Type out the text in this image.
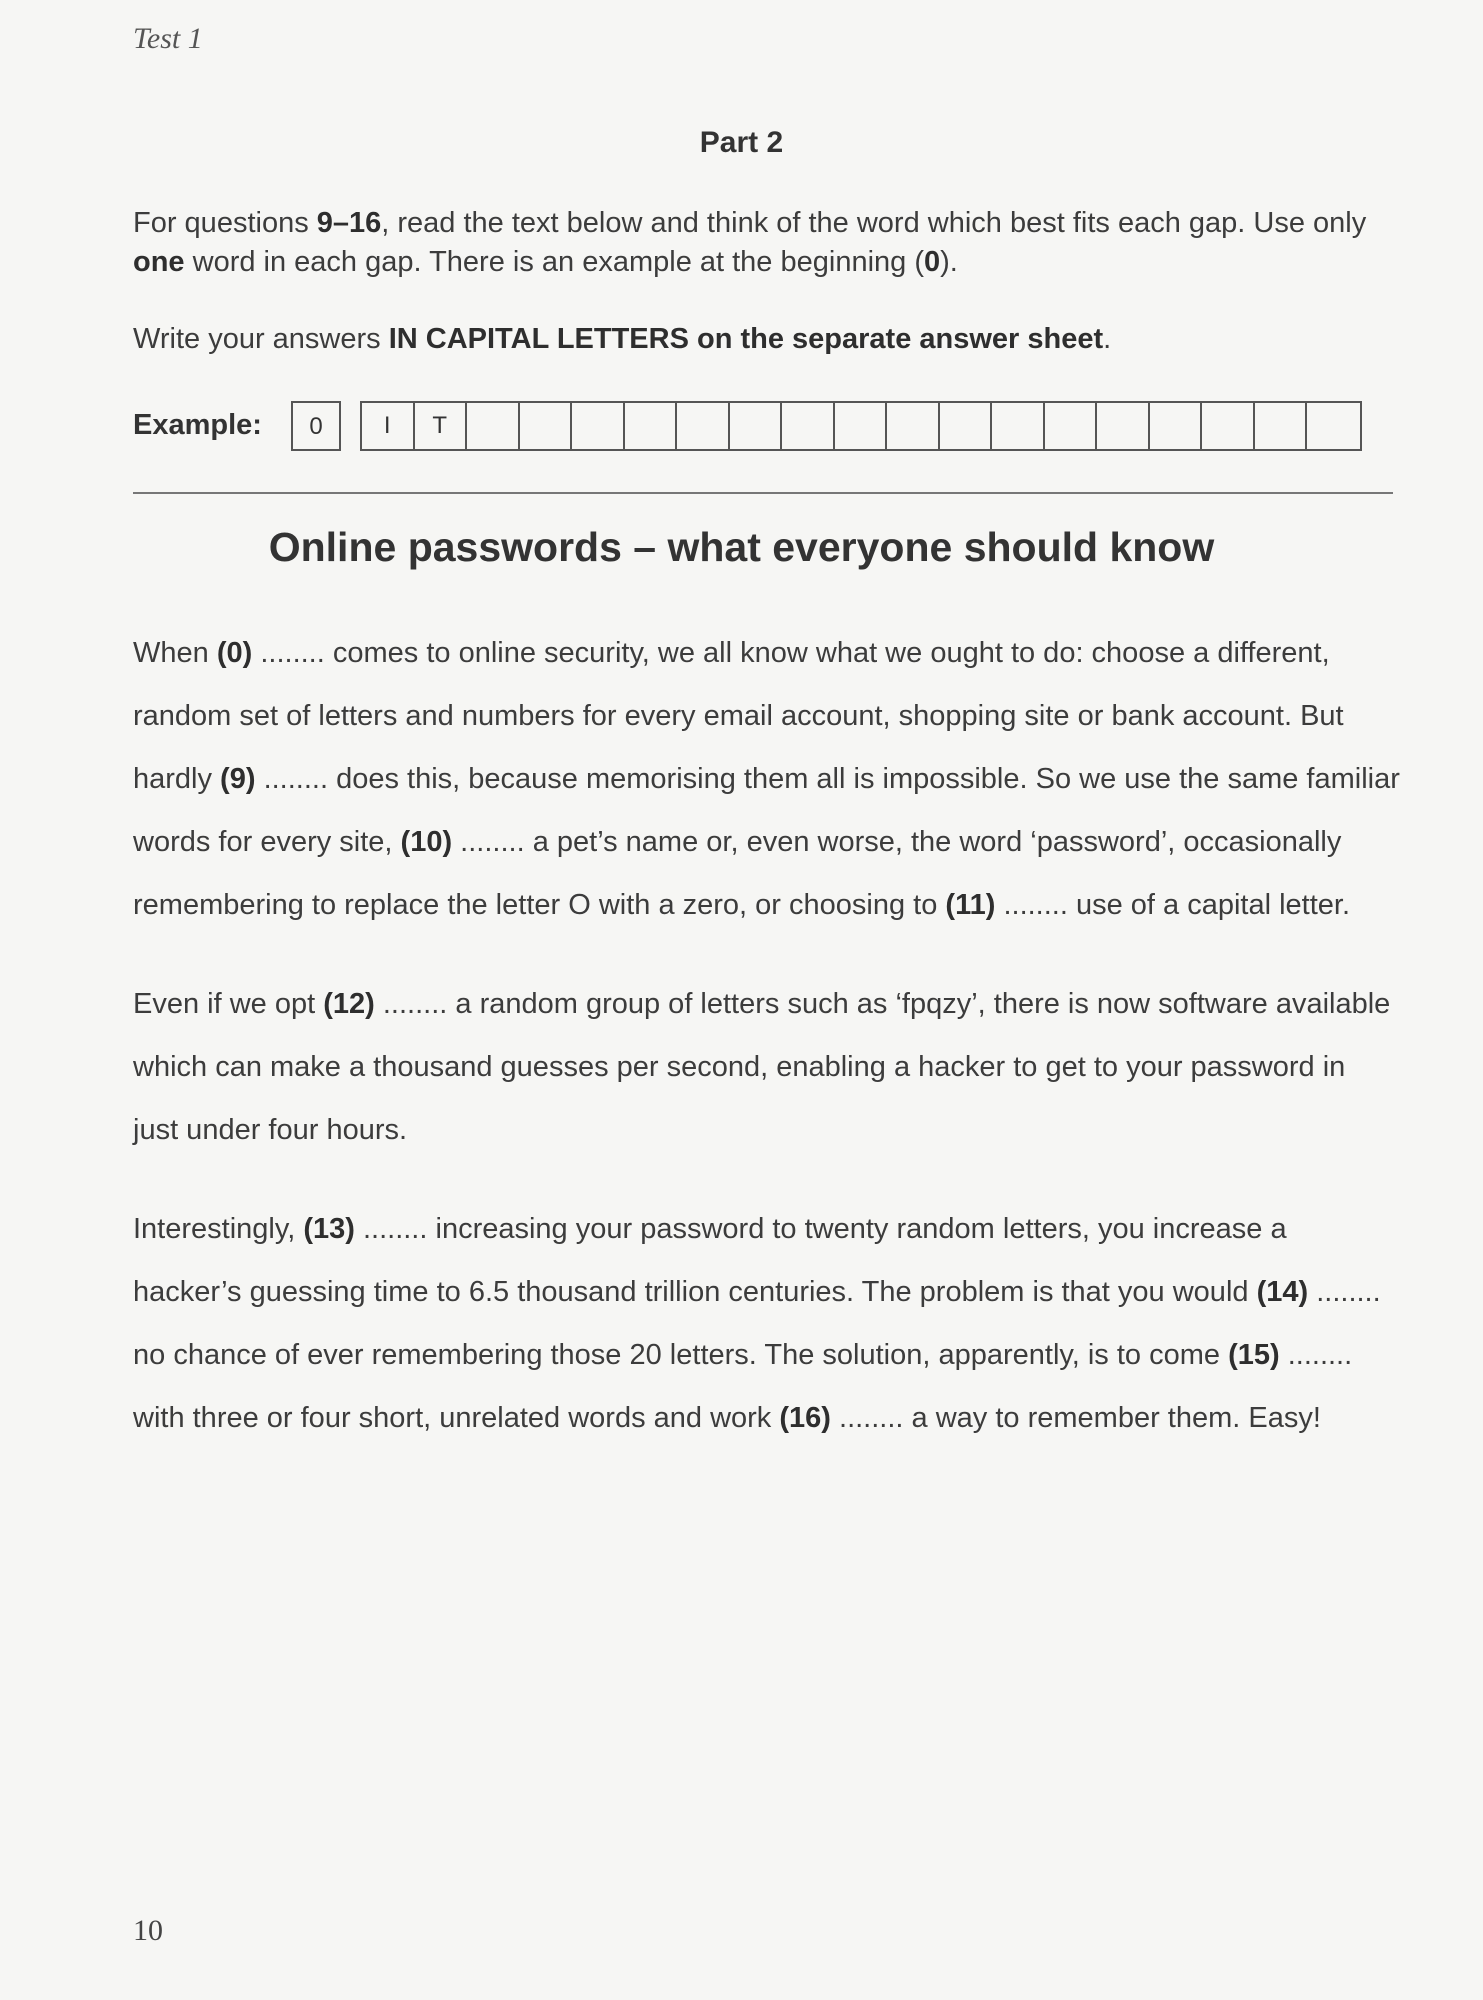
Test 1
Part 2
For questions 9–16, read the text below and think of the word which best fits each gap. Use only
one word in each gap. There is an example at the beginning (0).
Write your answers IN CAPITAL LETTERS on the separate answer sheet.
Example:	0	I	T
Online passwords – what everyone should know
When (0) ........ comes to online security, we all know what we ought to do: choose a different,
random set of letters and numbers for every email account, shopping site or bank account. But
hardly (9) ........ does this, because memorising them all is impossible. So we use the same familiar
words for every site, (10) ........ a pet’s name or, even worse, the word ‘password’, occasionally
remembering to replace the letter O with a zero, or choosing to (11) ........ use of a capital letter.
Even if we opt (12) ........ a random group of letters such as ‘fpqzy’, there is now software available
which can make a thousand guesses per second, enabling a hacker to get to your password in
just under four hours.
Interestingly, (13) ........ increasing your password to twenty random letters, you increase a
hacker’s guessing time to 6.5 thousand trillion centuries. The problem is that you would (14) ........
no chance of ever remembering those 20 letters. The solution, apparently, is to come (15) ........
with three or four short, unrelated words and work (16) ........ a way to remember them. Easy!
10
